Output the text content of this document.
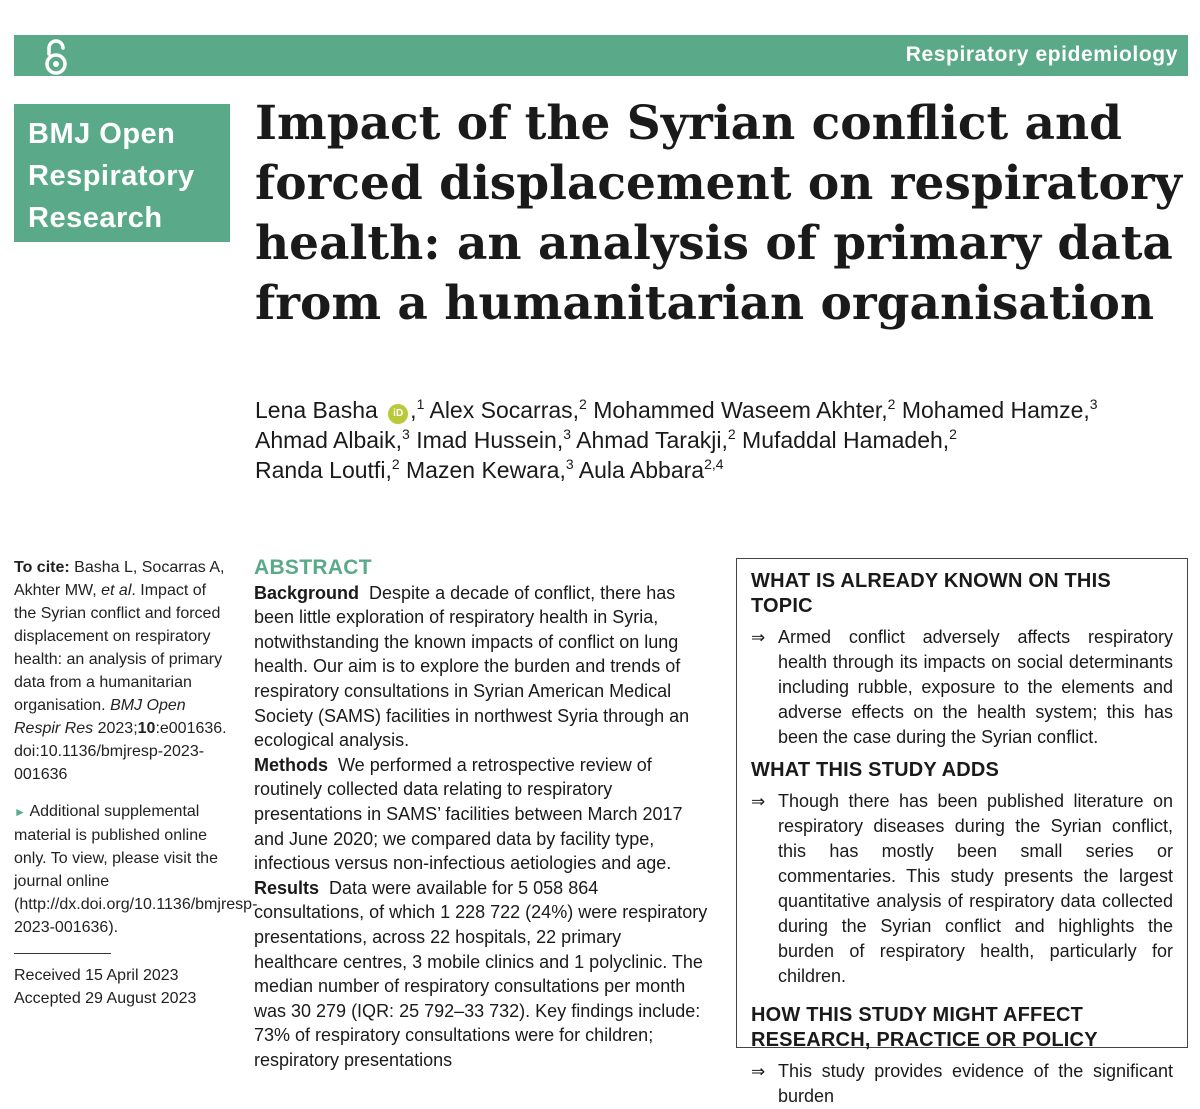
Respiratory epidemiology
BMJ Open
Respiratory
Research
Impact of the Syrian conflict and forced displacement on respiratory health: an analysis of primary data from a humanitarian organisation
Lena Basha iD ,$^1$ Alex Socarras,$^2$ Mohammed Waseem Akhter,$^2$ Mohamed Hamze,$^3$ Ahmad Albaik,$^3$ Imad Hussein,$^3$ Ahmad Tarakji,$^2$ Mufaddal Hamadeh,$^2$
Randa Loutfi,$^2$ Mazen Kewara,$^3$ Aula Abbara$^{2,4}$
To cite: Basha L, Socarras A, Akhter MW, et al. Impact of the Syrian conflict and forced displacement on respiratory health: an analysis of primary data from a humanitarian organisation. BMJ Open Respir Res 2023;10:e001636. doi:10.1136/bmjresp-2023-001636
► Additional supplemental material is published online only. To view, please visit the journal online (http://dx.doi.org/10.1136/bmjresp-2023-001636).
Received 15 April 2023
Accepted 29 August 2023
ABSTRACT

Background Despite a decade of conflict, there has been little exploration of respiratory health in Syria, notwithstanding the known impacts of conflict on lung health. Our aim is to explore the burden and trends of respiratory consultations in Syrian American Medical Society (SAMS) facilities in northwest Syria through an ecological analysis.

Methods We performed a retrospective review of routinely collected data relating to respiratory presentations in SAMS’ facilities between March 2017 and June 2020; we compared data by facility type, infectious versus non-infectious aetiologies and age.

Results Data were available for 5 058 864 consultations, of which 1 228 722 (24%) were respiratory presentations, across 22 hospitals, 22 primary healthcare centres, 3 mobile clinics and 1 polyclinic. The median number of respiratory consultations per month was 30 279 (IQR: 25 792–33 732). Key findings include: 73% of respiratory consultations were for children; respiratory presentations

WHAT IS ALREADY KNOWN ON THIS TOPIC
⇒ Armed conflict adversely affects respiratory health through its impacts on social determinants including rubble, exposure to the elements and adverse effects on the health system; this has been the case during the Syrian conflict.
WHAT THIS STUDY ADDS
⇒ Though there has been published literature on respiratory diseases during the Syrian conflict, this has mostly been small series or commentaries. This study presents the largest quantitative analysis of respiratory data collected during the Syrian conflict and highlights the burden of respiratory health, particularly for children.
HOW THIS STUDY MIGHT AFFECT RESEARCH, PRACTICE OR POLICY
⇒ This study provides evidence of the significant burden
